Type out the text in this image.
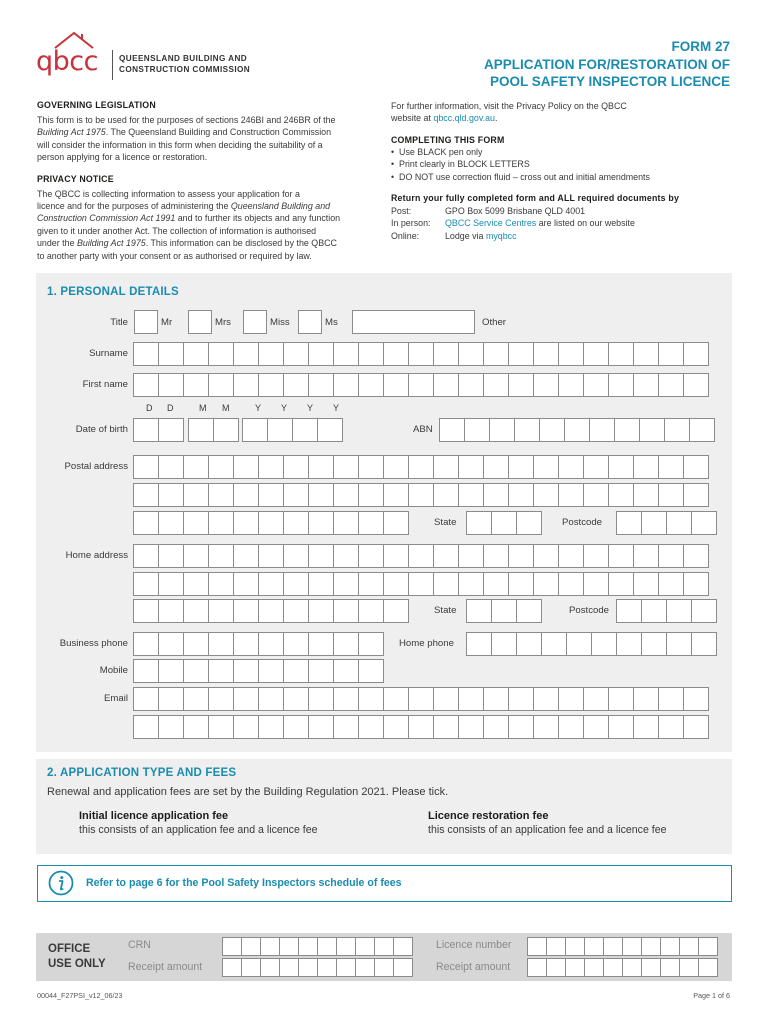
qbcc	QUEENSLAND BUILDING AND
CONSTRUCTION COMMISSION
FORM 27
APPLICATION FOR/RESTORATION OF
POOL SAFETY INSPECTOR LICENCE
GOVERNING LEGISLATION
This form is to be used for the purposes of sections 246BI and 246BR of the
Building Act 1975. The Queensland Building and Construction Commission
will consider the information in this form when deciding the suitability of a
person applying for a licence or restoration.
PRIVACY NOTICE
The QBCC is collecting information to assess your application for a
licence and for the purposes of administering the Queensland Building and
Construction Commission Act 1991 and to further its objects and any function
given to it under another Act. The collection of information is authorised
under the Building Act 1975. This information can be disclosed by the QBCC
to another party with your consent or as authorised or required by law.
For further information, visit the Privacy Policy on the QBCC
website at qbcc.qld.gov.au.
COMPLETING THIS FORM
•  Use BLACK pen only
•  Print clearly in BLOCK LETTERS
•  DO NOT use correction fluid – cross out and initial amendments
Return your fully completed form and ALL required documents by
Post:	GPO Box 5099 Brisbane QLD 4001
In person: QBCC Service Centres are listed on our website
Online:	Lodge via myqbcc
1. PERSONAL DETAILS
Title	Mr	Mrs	Miss	Ms	Other
Surname
First name
D D	M M	Y Y Y Y
Date of birth	ABN
Postal address
State	Postcode
Home address
State	Postcode
Business phone	Home phone
Mobile
Email
2. APPLICATION TYPE AND FEES
Renewal and application fees are set by the Building Regulation 2021. Please tick.
Initial licence application fee
this consists of an application fee and a licence fee
Licence restoration fee
this consists of an application fee and a licence fee
Refer to page 6 for the Pool Safety Inspectors schedule of fees
OFFICE
USE ONLY
CRN
Receipt amount
Licence number
Receipt amount
00044_F27PSI_v12_06/23	Page 1 of 6
